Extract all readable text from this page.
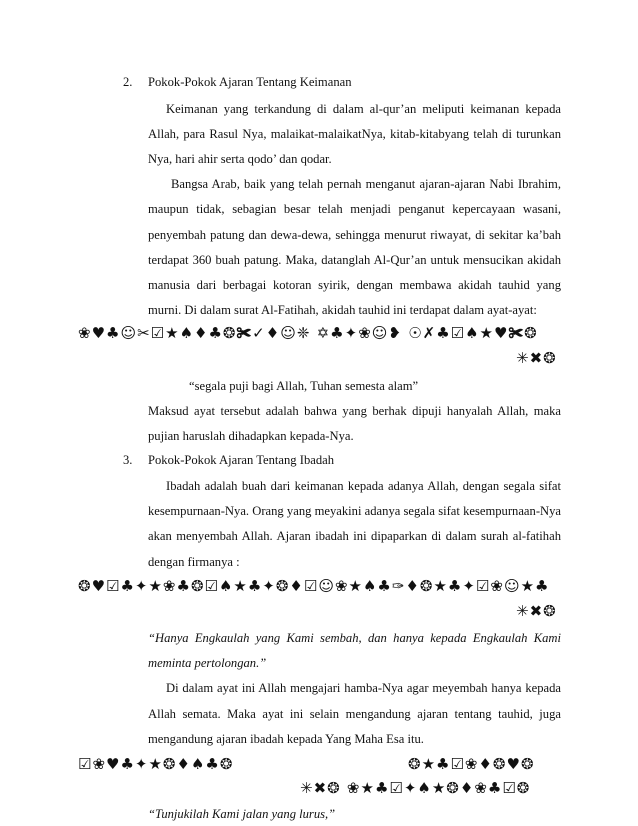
2. Pokok-Pokok Ajaran Tentang Keimanan
Keimanan yang terkandung di dalam al-qur’an meliputi keimanan kepada
Allah, para Rasul Nya, malaikat-malaikatNya, kitab-kitabyang telah di turunkan
Nya, hari ahir serta qodo’ dan qodar.
Bangsa Arab, baik yang telah pernah menganut ajaran-ajaran Nabi Ibrahim,
maupun tidak, sebagian besar telah menjadi penganut kepercayaan wasani,
penyembah patung dan dewa-dewa, sehingga menurut riwayat, di sekitar ka’bah
terdapat 360 buah patung. Maka, datanglah Al-Qur’an untuk mensucikan akidah
manusia dari berbagai kotoran syirik, dengan membawa akidah tauhid yang
murni. Di dalam surat Al-Fatihah, akidah tauhid ini terdapat dalam ayat-ayat:
❀♥♣☺✂☑★♠♦♣❂✀✓♦☺❈ ✡♣✦❀☺❥ ☉✗♣☑♠★♥✀❂
✳✖❂
“segala puji bagi Allah, Tuhan semesta alam”
Maksud ayat tersebut adalah bahwa yang berhak dipuji hanyalah Allah, maka
pujian haruslah dihadapkan kepada-Nya.
3. Pokok-Pokok Ajaran Tentang Ibadah
Ibadah adalah buah dari keimanan kepada adanya Allah, dengan segala sifat
kesempurnaan-Nya. Orang yang meyakini adanya segala sifat kesempurnaan-Nya
akan menyembah Allah. Ajaran ibadah ini dipaparkan di dalam surah al-fatihah
dengan firmanya :
❂♥☑♣✦★❀♣❂☑♠★♣✦❂♦☑☺❀★♠♣✑♦❂★♣✦☑❀☺★♣
✳✖❂
“Hanya Engkaulah yang Kami sembah, dan hanya kepada Engkaulah Kami
meminta pertolongan.”
Di dalam ayat ini Allah mengajari hamba-Nya agar meyembah hanya kepada
Allah semata. Maka ayat ini selain mengandung ajaran tentang tauhid, juga
mengandung ajaran ibadah kepada Yang Maha Esa itu.
☑❀♥♣✦★❂♦♠♣❂	❂★♣☑❀♦❂♥❂
✳✖❂ ❀★♣☑✦♠★❂♦❀♣☑❂
“Tunjukilah Kami jalan yang lurus,”
